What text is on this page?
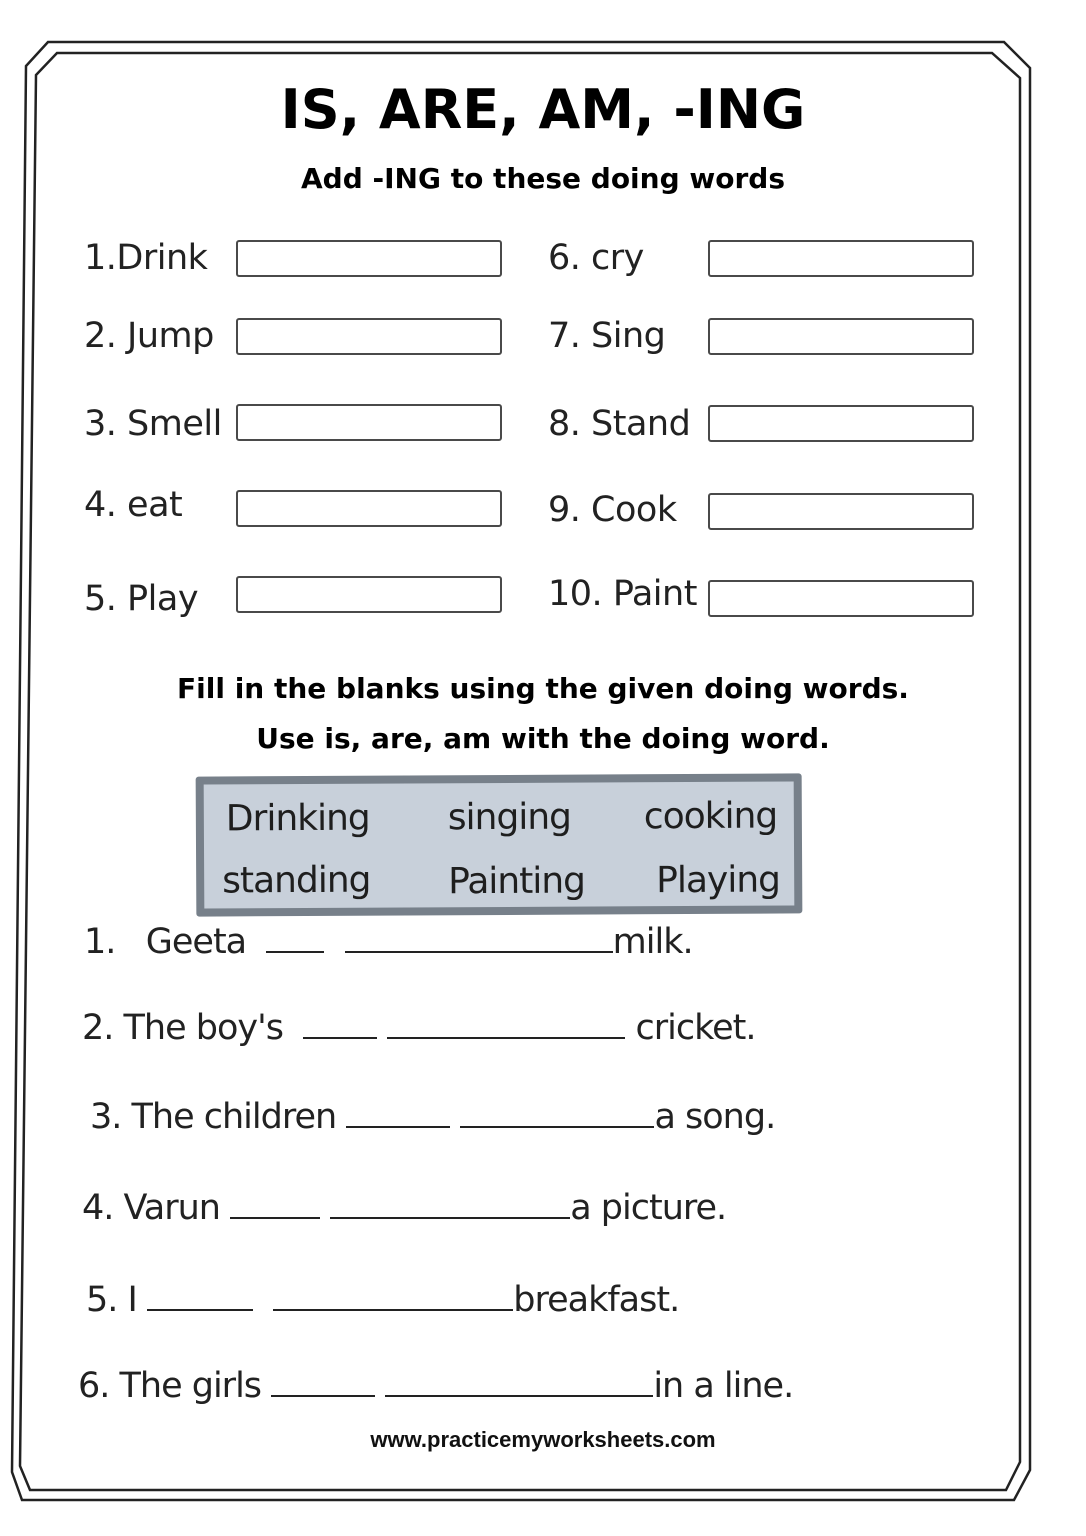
IS, ARE, AM, -ING
Add -ING to these doing words
1.Drink
2. Jump
3. Smell
4. eat
5. Play
6. cry
7. Sing
8. Stand
9. Cook
10. Paint
Fill in the blanks using the given doing words.
Use is, are, am with the doing word.
Drinking singing cooking
standing Painting Playing
1.   Geeta	milk.
2. The boy's	cricket.
3. The children	a song.
4. Varun	a picture.
5. I	breakfast.
6. The girls	in a line.
www.practicemyworksheets.com
